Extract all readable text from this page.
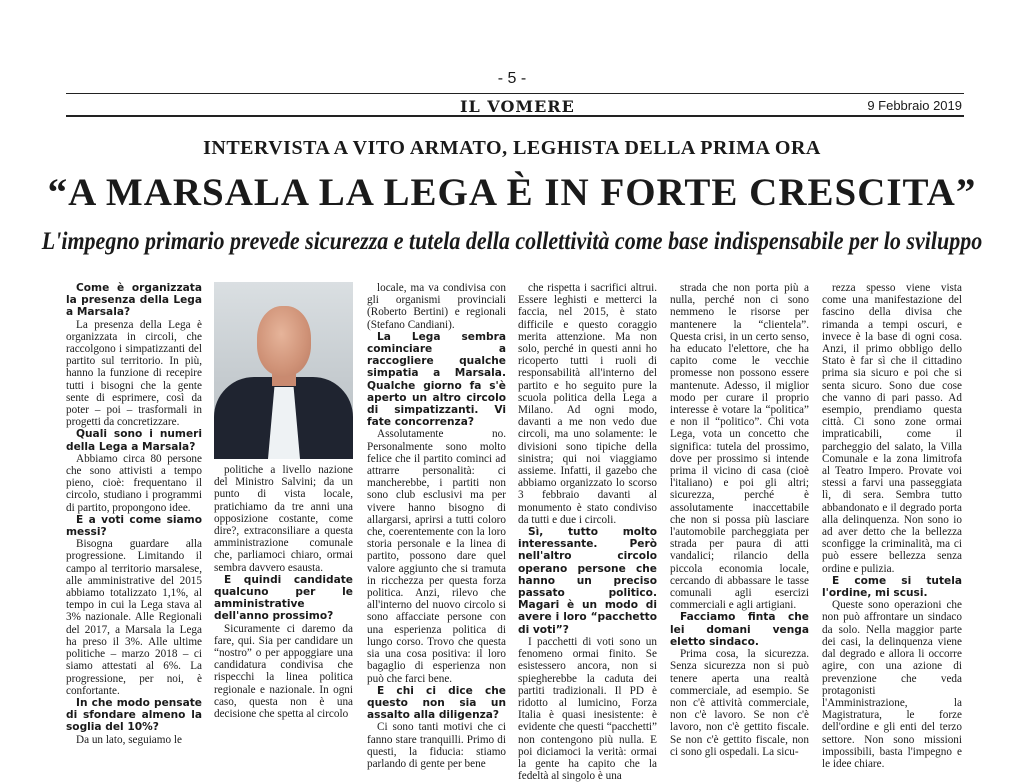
- 5 -
IL VOMERE	9 Febbraio 2019
INTERVISTA A VITO ARMATO, LEGHISTA DELLA PRIMA ORA
“A MARSALA LA LEGA È IN FORTE CRESCITA”
L'impegno primario prevede sicurezza e tutela della collettività come base indispensabile per lo sviluppo

Come è organizzata la presenza della Lega a Marsala?

La presenza della Lega è organizzata in circoli, che raccolgono i simpatizzanti del partito sul territorio. In più, hanno la funzione di recepire tutti i bisogni che la gente sente di esprimere, così da poter – poi – trasformali in progetti da concretizzare.

Quali sono i numeri della Lega a Marsala?

Abbiamo circa 80 persone che sono attivisti a tempo pieno, cioè: frequentano il circolo, studiano i programmi di partito, propongono idee.

E a voti come siamo messi?

Bisogna guardare alla progressione. Limitando il campo al territorio marsalese, alle amministrative del 2015 abbiamo totalizzato 1,1%, al tempo in cui la Lega stava al 3% nazionale. Alle Regionali del 2017, a Marsala la Lega ha preso il 3%. Alle ultime politiche – marzo 2018 – ci siamo attestati al 6%. La progressione, per noi, è confortante.

In che modo pensate di sfondare almeno la soglia del 10%?

Da un lato, seguiamo le

politiche a livello nazione del Ministro Salvini; da un punto di vista locale, pratichiamo da tre anni una opposizione costante, come dire?, extraconsiliare a questa amministrazione comunale che, parliamoci chiaro, ormai sembra davvero esausta.

E quindi candidate qualcuno per le amministrative dell'anno prossimo?

Sicuramente ci daremo da fare, qui. Sia per candidare un “nostro” o per appoggiare una candidatura condivisa che rispecchi la linea politica regionale e nazionale. In ogni caso, questa non è una decisione che spetta al circolo

locale, ma va condivisa con gli organismi provinciali (Roberto Bertini) e regionali (Stefano Candiani).

La Lega sembra cominciare a raccogliere qualche simpatia a Marsala. Qualche giorno fa s'è aperto un altro circolo di simpatizzanti. Vi fate concorrenza?

Assolutamente no. Personalmente sono molto felice che il partito cominci ad attrarre personalità: ci mancherebbe, i partiti non sono club esclusivi ma per vivere hanno bisogno di allargarsi, aprirsi a tutti coloro che, coerentemente con la loro storia personale e la linea di partito, possono dare quel valore aggiunto che si tramuta in ricchezza per questa forza politica. Anzi, rilevo che all'interno del nuovo circolo si sono affacciate persone con una esperienza politica di lungo corso. Trovo che questa sia una cosa positiva: il loro bagaglio di esperienza non può che farci bene.

E chi ci dice che questo non sia un assalto alla diligenza?

Ci sono tanti motivi che ci fanno stare tranquilli. Primo di questi, la fiducia: stiamo parlando di gente per bene

che rispetta i sacrifici altrui. Essere leghisti e metterci la faccia, nel 2015, è stato difficile e questo coraggio merita attenzione. Ma non solo, perché in questi anni ho ricoperto tutti i ruoli di responsabilità all'interno del partito e ho seguito pure la scuola politica della Lega a Milano. Ad ogni modo, davanti a me non vedo due circoli, ma uno solamente: le divisioni sono tipiche della sinistra; qui noi viaggiamo assieme. Infatti, il gazebo che abbiamo organizzato lo scorso 3 febbraio davanti al monumento è stato condiviso da tutti e due i circoli.

Sì, tutto molto interessante. Però nell'altro circolo operano persone che hanno un preciso passato politico. Magari è un modo di avere i loro “pacchetto di voti”?

I pacchetti di voti sono un fenomeno ormai finito. Se esistessero ancora, non si spiegherebbe la caduta dei partiti tradizionali. Il PD è ridotto al lumicino, Forza Italia è quasi inesistente: è evidente che questi “pacchetti” non contengono più nulla. E poi diciamoci la verità: ormai la gente ha capito che la fedeltà al singolo è una

strada che non porta più a nulla, perché non ci sono nemmeno le risorse per mantenere la “clientela”. Questa crisi, in un certo senso, ha educato l'elettore, che ha capito come le vecchie promesse non possono essere mantenute. Adesso, il miglior modo per curare il proprio interesse è votare la “politica” e non il “politico”. Chi vota Lega, vota un concetto che significa: tutela del prossimo, dove per prossimo si intende prima il vicino di casa (cioè l'italiano) e poi gli altri; sicurezza, perché è assolutamente inaccettabile che non si possa più lasciare l'automobile parcheggiata per strada per paura di atti vandalici; rilancio della piccola economia locale, cercando di abbassare le tasse comunali agli esercizi commerciali e agli artigiani.

Facciamo finta che lei domani venga eletto sindaco.

Prima cosa, la sicurezza. Senza sicurezza non si può tenere aperta una realtà commerciale, ad esempio. Se non c'è attività commerciale, non c'è lavoro. Se non c'è lavoro, non c'è gettito fiscale. Se non c'è gettito fiscale, non ci sono gli ospedali. La sicu-

rezza spesso viene vista come una manifestazione del fascino della divisa che rimanda a tempi oscuri, e invece è la base di ogni cosa. Anzi, il primo obbligo dello Stato è far sì che il cittadino prima sia sicuro e poi che si senta sicuro. Sono due cose che vanno di pari passo. Ad esempio, prendiamo questa città. Ci sono zone ormai impraticabili, come il parcheggio del salato, la Villa Comunale e la zona limitrofa al Teatro Impero. Provate voi stessi a farvi una passeggiata lì, di sera. Sembra tutto abbandonato e il degrado porta alla delinquenza. Non sono io ad aver detto che la bellezza sconfigge la criminalità, ma ci può essere bellezza senza ordine e pulizia.

E come si tutela l'ordine, mi scusi.

Queste sono operazioni che non può affrontare un sindaco da solo. Nella maggior parte dei casi, la delinquenza viene dal degrado e allora li occorre agire, con una azione di prevenzione che veda protagonisti l'Amministrazione, la Magistratura, le forze dell'ordine e gli enti del terzo settore. Non sono missioni impossibili, basta l'impegno e le idee chiare.
